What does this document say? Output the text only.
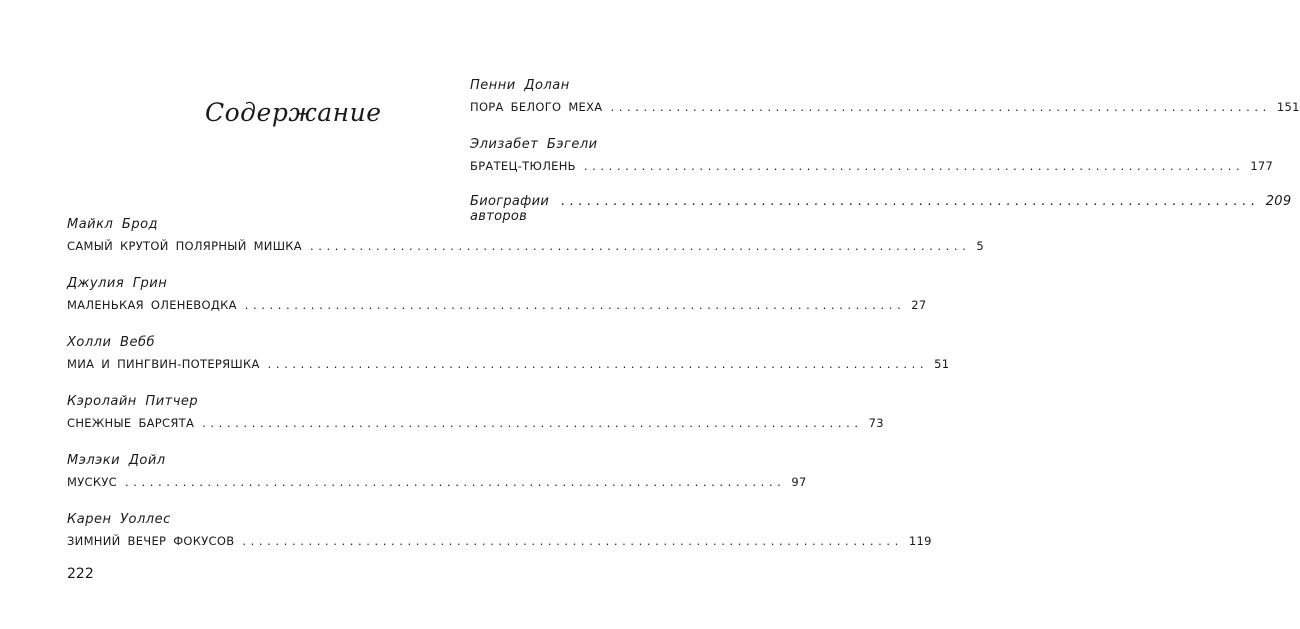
Содержание
Майкл Брод
САМЫЙ КРУТОЙ ПОЛЯРНЫЙ МИШКА ................................................................................ 5
Джулия Грин
МАЛЕНЬКАЯ ОЛЕНЕВОДКА ................................................................................ 27
Холли Вебб
МИА И ПИНГВИН-ПОТЕРЯШКА ................................................................................ 51
Кэролайн Питчер
СНЕЖНЫЕ БАРСЯТА ................................................................................ 73
Мэлэки Дойл
МУСКУС ................................................................................ 97
Карен Уоллес
ЗИМНИЙ ВЕЧЕР ФОКУСОВ ................................................................................ 119
Пенни Долан
ПОРА БЕЛОГО МЕХА ................................................................................ 151
Элизабет Бэгели
БРАТЕЦ-ТЮЛЕНЬ ................................................................................ 177
Биографии авторов
................................................................................ 209
222
